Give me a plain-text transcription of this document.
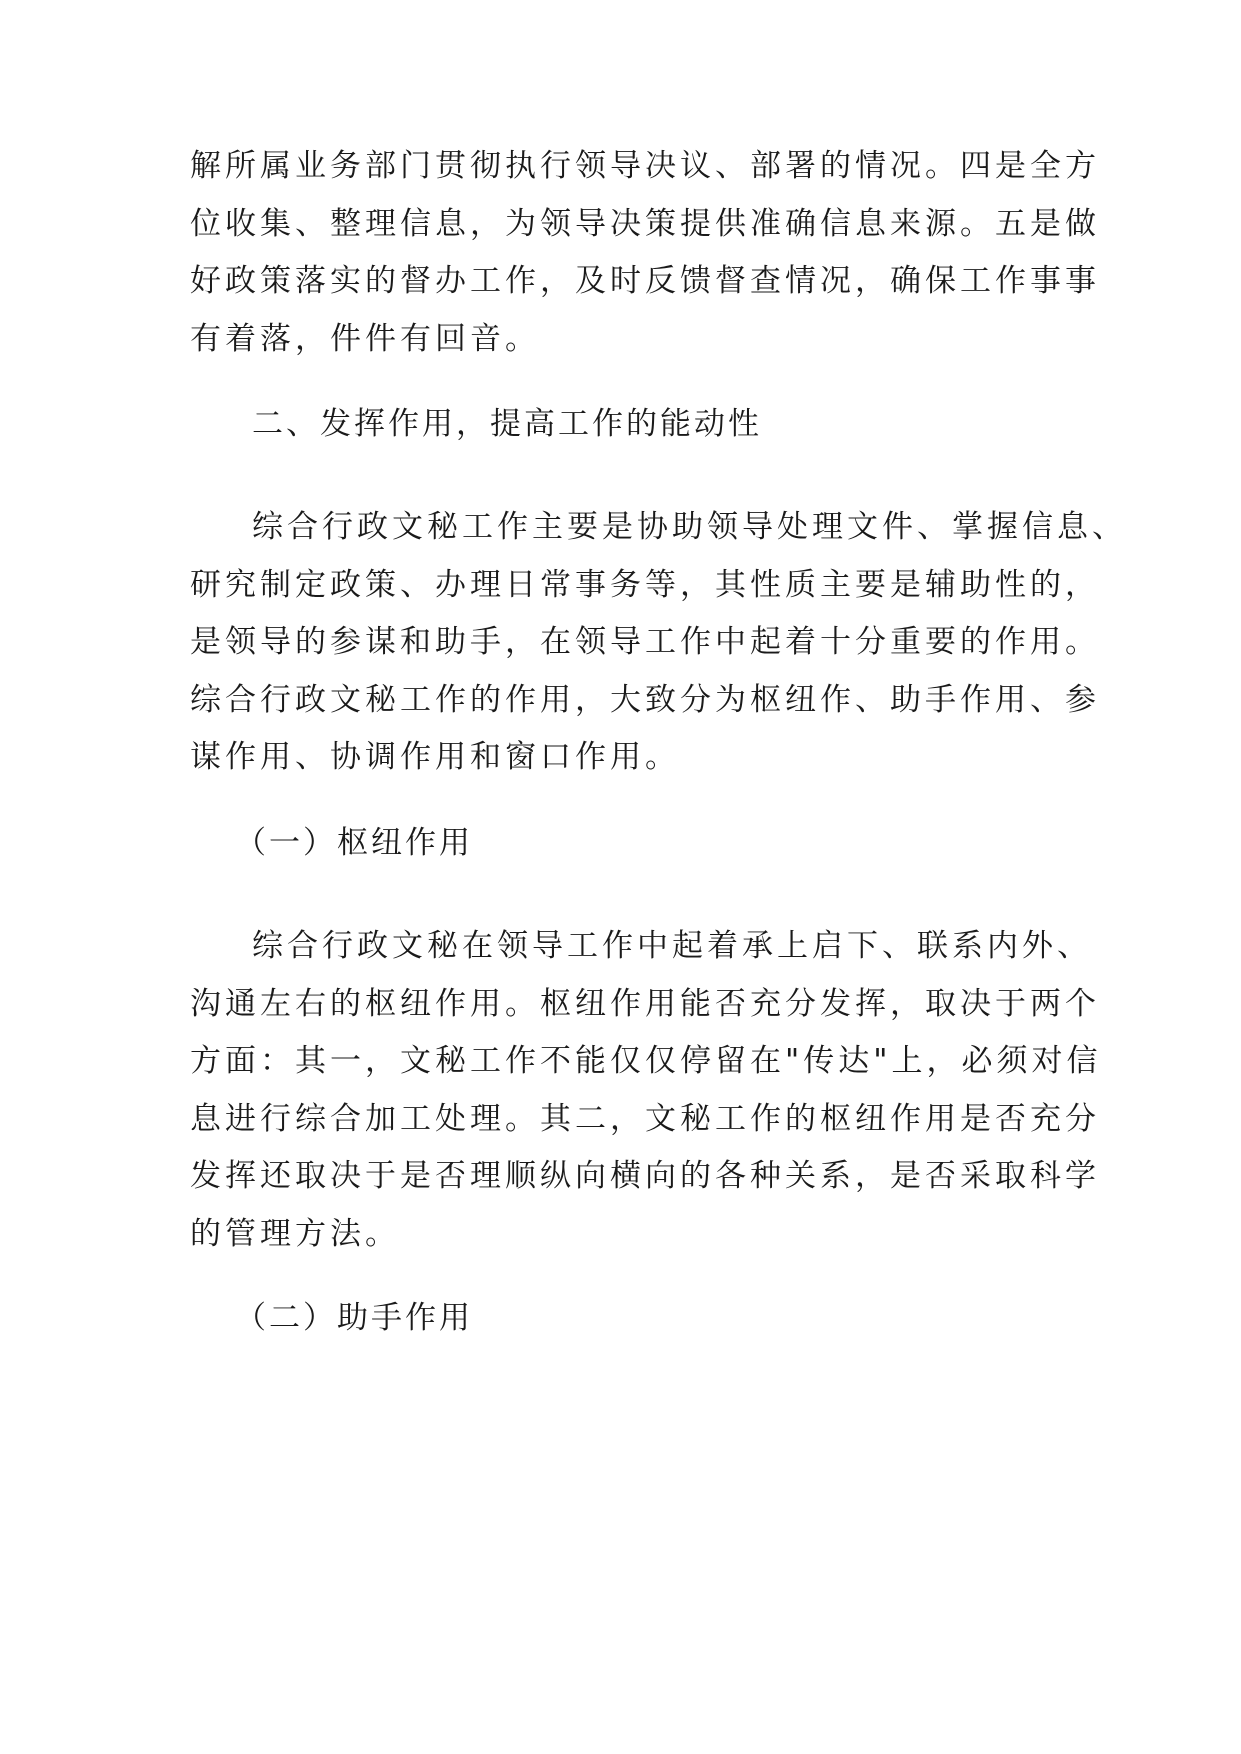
解所属业务部门贯彻执行领导决议、部署的情况。四是全方
位收集、整理信息，为领导决策提供准确信息来源。五是做
好政策落实的督办工作，及时反馈督查情况，确保工作事事
有着落，件件有回音。
二、发挥作用，提高工作的能动性
综合行政文秘工作主要是协助领导处理文件、掌握信息、
研究制定政策、办理日常事务等，其性质主要是辅助性的，
是领导的参谋和助手，在领导工作中起着十分重要的作用。
综合行政文秘工作的作用，大致分为枢纽作、助手作用、参
谋作用、协调作用和窗口作用。
（一）枢纽作用
综合行政文秘在领导工作中起着承上启下、联系内外、
沟通左右的枢纽作用。枢纽作用能否充分发挥，取决于两个
方面：其一，文秘工作不能仅仅停留在"传达"上，必须对信
息进行综合加工处理。其二，文秘工作的枢纽作用是否充分
发挥还取决于是否理顺纵向横向的各种关系，是否采取科学
的管理方法。
（二）助手作用
